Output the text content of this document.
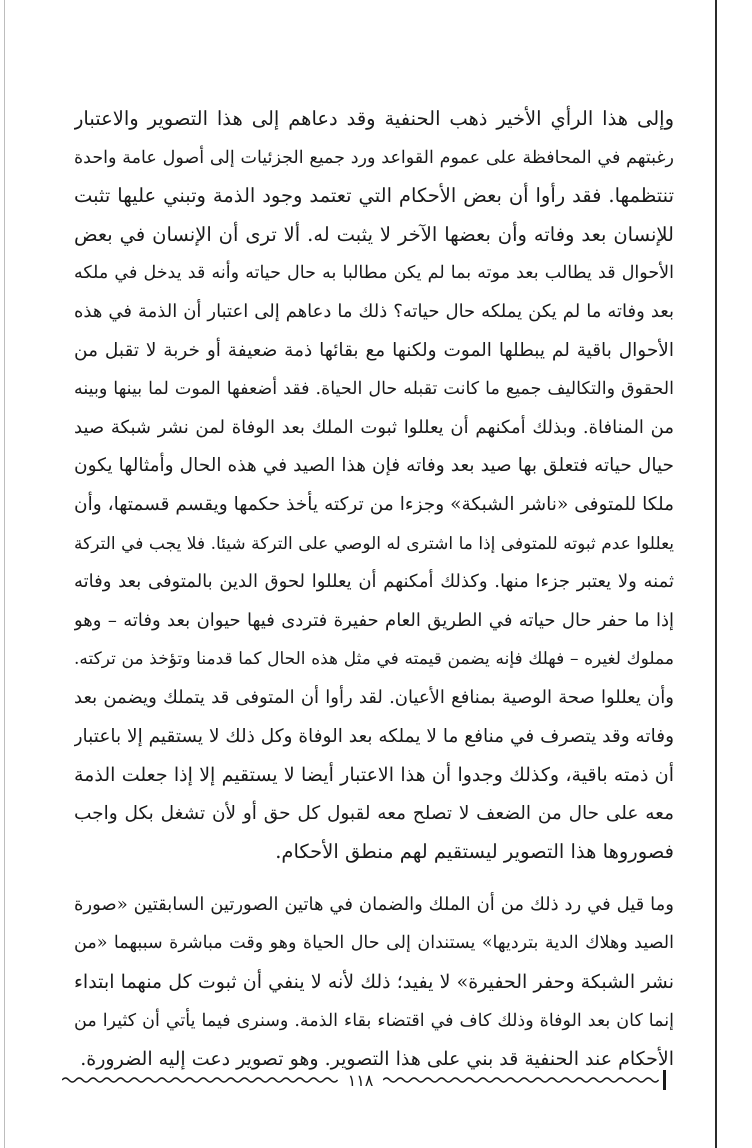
وإلى هذا الرأي الأخير ذهب الحنفية وقد دعاهم إلى هذا التصوير والاعتبار
رغبتهم في المحافظة على عموم القواعد ورد جميع الجزئيات إلى أصول عامة واحدة
تنتظمها. فقد رأوا أن بعض الأحكام التي تعتمد وجود الذمة وتبني عليها تثبت
للإنسان بعد وفاته وأن بعضها الآخر لا يثبت له. ألا ترى أن الإنسان في بعض
الأحوال قد يطالب بعد موته بما لم يكن مطالبا به حال حياته وأنه قد يدخل في ملكه
بعد وفاته ما لم يكن يملكه حال حياته؟ ذلك ما دعاهم إلى اعتبار أن الذمة في هذه
الأحوال باقية لم يبطلها الموت ولكنها مع بقائها ذمة ضعيفة أو خربة لا تقبل من
الحقوق والتكاليف جميع ما كانت تقبله حال الحياة. فقد أضعفها الموت لما بينها وبينه
من المنافاة. وبذلك أمكنهم أن يعللوا ثبوت الملك بعد الوفاة لمن نشر شبكة صيد
حيال حياته فتعلق بها صيد بعد وفاته فإن هذا الصيد في هذه الحال وأمثالها يكون
ملكا للمتوفى «ناشر الشبكة» وجزءا من تركته يأخذ حكمها ويقسم قسمتها، وأن
يعللوا عدم ثبوته للمتوفى إذا ما اشترى له الوصي على التركة شيئا. فلا يجب في التركة
ثمنه ولا يعتبر جزءا منها. وكذلك أمكنهم أن يعللوا لحوق الدين بالمتوفى بعد وفاته
إذا ما حفر حال حياته في الطريق العام حفيرة فتردى فيها حيوان بعد وفاته – وهو
مملوك لغيره – فهلك فإنه يضمن قيمته في مثل هذه الحال كما قدمنا وتؤخذ من تركته.
وأن يعللوا صحة الوصية بمنافع الأعيان. لقد رأوا أن المتوفى قد يتملك ويضمن بعد
وفاته وقد يتصرف في منافع ما لا يملكه بعد الوفاة وكل ذلك لا يستقيم إلا باعتبار
أن ذمته باقية، وكذلك وجدوا أن هذا الاعتبار أيضا لا يستقيم إلا إذا جعلت الذمة
معه على حال من الضعف لا تصلح معه لقبول كل حق أو لأن تشغل بكل واجب
فصوروها هذا التصوير ليستقيم لهم منطق الأحكام.
وما قيل في رد ذلك من أن الملك والضمان في هاتين الصورتين السابقتين «صورة
الصيد وهلاك الدية بترديها» يستندان إلى حال الحياة وهو وقت مباشرة سببهما «من
نشر الشبكة وحفر الحفيرة» لا يفيد؛ ذلك لأنه لا ينفي أن ثبوت كل منهما ابتداء
إنما كان بعد الوفاة وذلك كاف في اقتضاء بقاء الذمة. وسنرى فيما يأتي أن كثيرا من
الأحكام عند الحنفية قد بني على هذا التصوير. وهو تصوير دعت إليه الضرورة.
١١٨
